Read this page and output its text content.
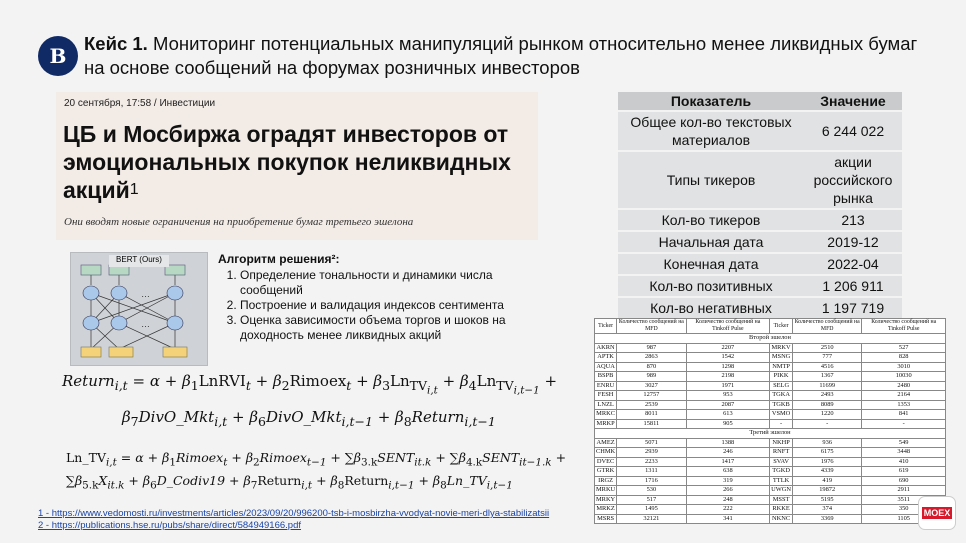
В
Кейс 1. Мониторинг потенциальных манипуляций рынком относительно менее ликвидных бумаг на основе сообщений на форумах розничных инвесторов
20 сентября, 17:58 / Инвестиции
ЦБ и Мосбиржа оградят инвесторов от эмоциональных покупок неликвидных акций$^1$
Они вводят новые ограничения на приобретение бумаг третьего эшелона
…
…
BERT (Ours)	Алгоритм решения²:
1. Определение тональности и динамики числа сообщений
2. Построение и валидация индексов сентимента
3. Оценка зависимости объема торгов и шоков на доходность менее ликвидных акций
Return$_{i,t}$ = $\alpha + \beta_1LnRVI_t$ + $\beta_2Rimoex_t + \beta_3Ln_{TV_{i,t}} + \beta_4Ln_{TV_{i,t-1}}$ +
$\beta_7DivO\_Mkt_{i,t}$ + $\beta_6DivO\_Mkt_{i,t-1}$ + $\beta_8Return_{i,t-1}$
$Ln\_TV_{i,t} = \alpha$ + $\beta_1Rimoex_t$ + $\beta_2Rimoex_{t-1}$ + $\sum\beta_{3.k}SENT_{it.k}$ + $\sum\beta_{4.k}SENT_{it-1.k}$ +
$\sum\beta_{5.k}X_{it.k}$ + $\beta_6D\_Codiv19$ + $\beta_7Return_{i,t}$ + $\beta_8Return_{i,t-1}$ + $\beta_8Ln\_TV_{i,t-1}$
1 - https://www.vedomosti.ru/investments/articles/2023/09/20/996200-tsb-i-mosbirzha-vvodyat-novie-meri-dlya-stabilizatsii
2 - https://publications.hse.ru/pubs/share/direct/584949166.pdf
Показатель	Значение
Общее кол-во текстовых материалов	6 244 022
Типы тикеров	акции российского рынка
Кол-во тикеров	213
Начальная дата	2019-12
Конечная дата	2022-04
Кол-во позитивных	1 206 911
Кол-во негативных	1 197 719
Ticker	Количество сообщений на MFD	Количество сообщений на Tinkoff Pulse	Ticker	Количество сообщений на MFD	Количество сообщений на Tinkoff Pulse
Второй эшелон					
AKRN	987	2207	MRKV	2510	527
APTK	2863	1542	MSNG	777	828
AQUA	870	1298	NMTP	4516	3010
BSPB	989	2198	PIKK	1367	10030
ENRU	3027	1971	SELG	11699	2480
FESH	12757	953	TGKA	2493	2164
LNZL	2539	2087	TGKB	8089	1353
MRKC	8011	613	VSMO	1220	841
MRKP	15811	905	-	-	-
Третий эшелон					
AMEZ	5071	1388	NKHP	936	549
CHMK	2939	246	RNFT	6175	3448
DVEC	2233	1417	SVAV	1976	410
GTRK	1311	638	TGKD	4339	619
IRGZ	1716	319	TTLK	419	690
MRKU	530	266	UWGN	19872	2911
MRKY	517	248	MSST	5195	3511
MRKZ	1495	222	RKKE	374	350
MSRS	32121	341	NKNC	3369	1105 MOEX
